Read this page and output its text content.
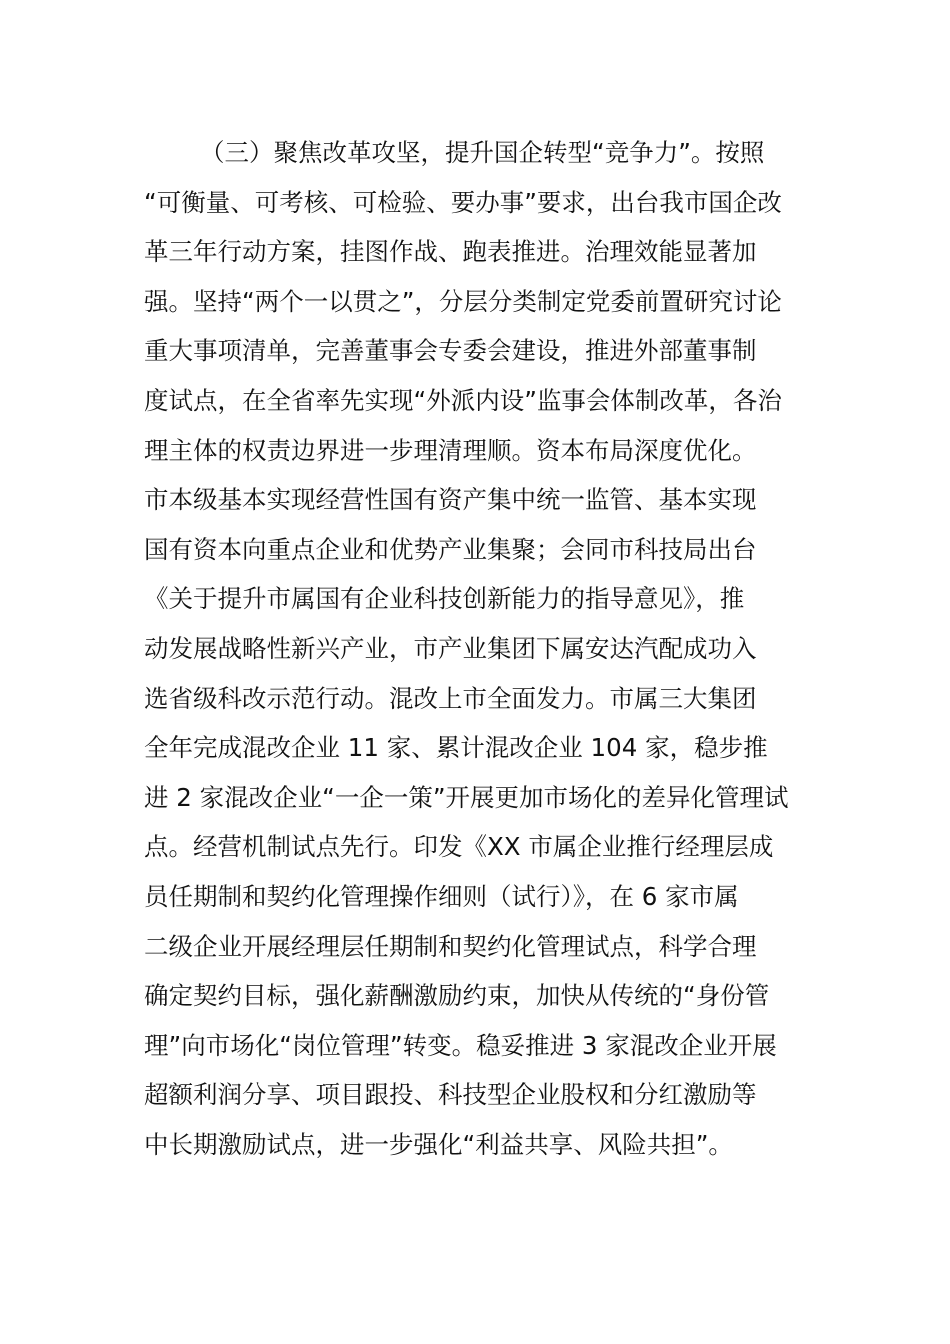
（三）聚焦改革攻坚，提升国企转型“竞争力”。按照
“可衡量、可考核、可检验、要办事”要求，出台我市国企改
革三年行动方案，挂图作战、跑表推进。治理效能显著加
强。坚持“两个一以贯之”，分层分类制定党委前置研究讨论
重大事项清单，完善董事会专委会建设，推进外部董事制
度试点，在全省率先实现“外派内设”监事会体制改革，各治
理主体的权责边界进一步理清理顺。资本布局深度优化。
市本级基本实现经营性国有资产集中统一监管、基本实现
国有资本向重点企业和优势产业集聚；会同市科技局出台
《关于提升市属国有企业科技创新能力的指导意见》，推
动发展战略性新兴产业，市产业集团下属安达汽配成功入
选省级科改示范行动。混改上市全面发力。市属三大集团
全年完成混改企业 11 家、累计混改企业 104 家，稳步推
进 2 家混改企业“一企一策”开展更加市场化的差异化管理试
点。经营机制试点先行。印发《XX 市属企业推行经理层成
员任期制和契约化管理操作细则（试行）》，在 6 家市属
二级企业开展经理层任期制和契约化管理试点，科学合理
确定契约目标，强化薪酬激励约束，加快从传统的“身份管
理”向市场化“岗位管理”转变。稳妥推进 3 家混改企业开展
超额利润分享、项目跟投、科技型企业股权和分红激励等
中长期激励试点，进一步强化“利益共享、风险共担”。
